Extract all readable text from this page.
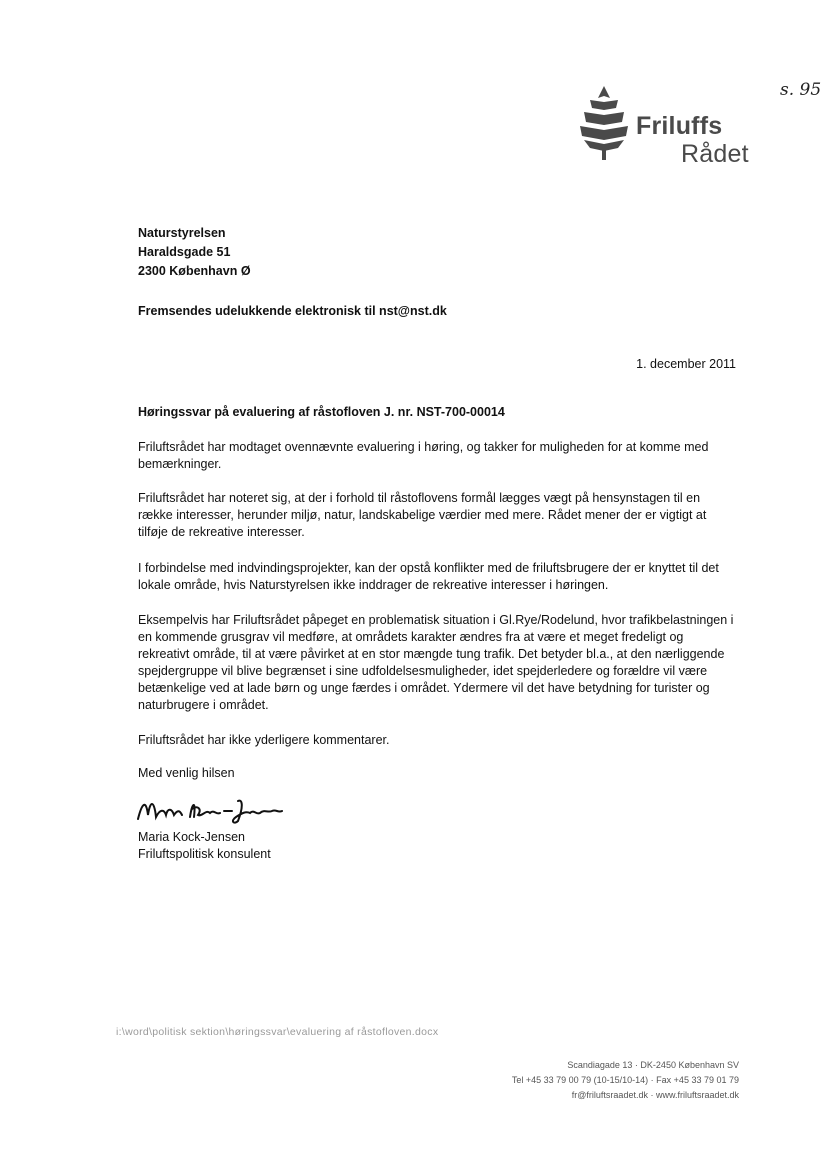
s. 95
Friluffs
Rådet
Naturstyrelsen
Haraldsgade 51
2300 København Ø
Fremsendes udelukkende elektronisk til nst@nst.dk
1. december 2011
Høringssvar på evaluering af råstofloven J. nr. NST-700-00014

Friluftsrådet har modtaget ovennævnte evaluering i høring, og takker for muligheden for at komme med bemærkninger.

Friluftsrådet har noteret sig, at der i forhold til råstoflovens formål lægges vægt på hensynstagen til en række interesser, herunder miljø, natur, landskabelige værdier med mere. Rådet mener der er vigtigt at tilføje de rekreative interesser.

I forbindelse med indvindingsprojekter, kan der opstå konflikter med de friluftsbrugere der er knyttet til det lokale område, hvis Naturstyrelsen ikke inddrager de rekreative interesser i høringen.

Eksempelvis har Friluftsrådet påpeget en problematisk situation i Gl.Rye/Rodelund, hvor trafikbelastningen i en kommende grusgrav vil medføre, at områdets karakter ændres fra at være et meget fredeligt og rekreativt område, til at være påvirket at en stor mængde tung trafik. Det betyder bl.a., at den nærliggende spejdergruppe vil blive begrænset i sine udfoldelsesmuligheder, idet spejderledere og forældre vil være betænkelige ved at lade børn og unge færdes i området. Ydermere vil det have betydning for turister og naturbrugere i området.

Friluftsrådet har ikke yderligere kommentarer.

Med venlig hilsen
Maria Kock-Jensen
Friluftspolitisk konsulent
i:\word\politisk sektion\høringssvar\evaluering af råstofloven.docx
Scandiagade 13 · DK-2450 København SV
Tel +45 33 79 00 79 (10-15/10-14) · Fax +45 33 79 01 79
fr@friluftsraadet.dk · www.friluftsraadet.dk
